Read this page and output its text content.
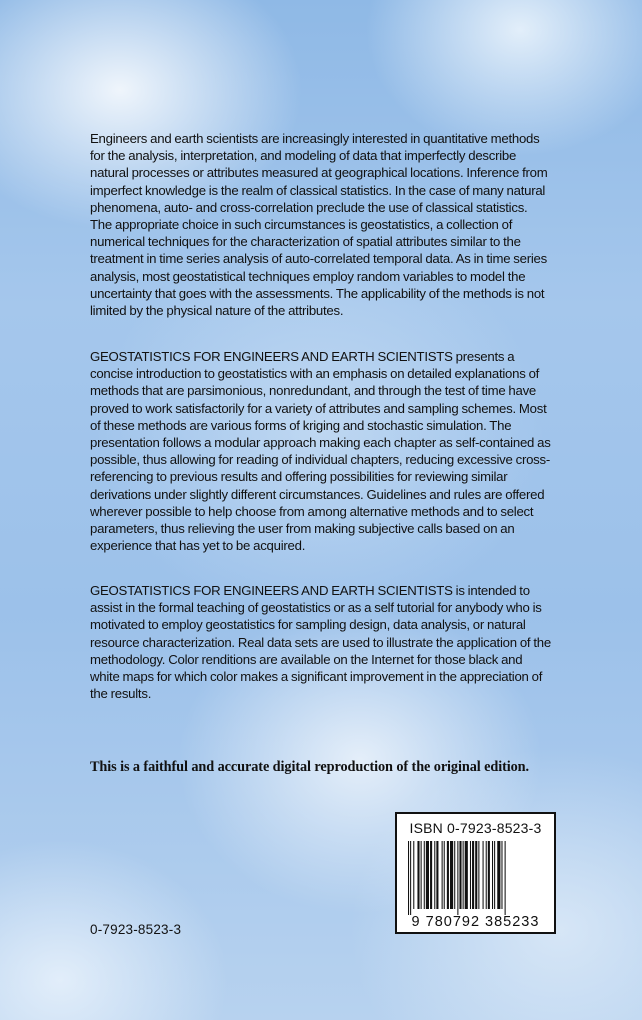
Engineers and earth scientists are increasingly interested in quantitative methods for the analysis, interpretation, and modeling of data that imperfectly describe natural processes or attributes measured at geographical locations. Inference from imperfect knowledge is the realm of classical statistics. In the case of many natural phenomena, auto- and cross-correlation preclude the use of classical statistics. The appropriate choice in such circumstances is geostatistics, a collection of numerical techniques for the characterization of spatial attributes similar to the treatment in time series analysis of auto-correlated temporal data. As in time series analysis, most geostatistical techniques employ random variables to model the uncertainty that goes with the assessments. The applicability of the methods is not limited by the physical nature of the attributes.

GEOSTATISTICS FOR ENGINEERS AND EARTH SCIENTISTS presents a concise introduction to geostatistics with an emphasis on detailed explanations of methods that are parsimonious, nonredundant, and through the test of time have proved to work satisfactorily for a variety of attributes and sampling schemes. Most of these methods are various forms of kriging and stochastic simulation. The presentation follows a modular approach making each chapter as self-contained as possible, thus allowing for reading of individual chapters, reducing excessive cross-referencing to previous results and offering possibilities for reviewing similar derivations under slightly different circumstances. Guidelines and rules are offered wherever possible to help choose from among alternative methods and to select parameters, thus relieving the user from making subjective calls based on an experience that has yet to be acquired.

GEOSTATISTICS FOR ENGINEERS AND EARTH SCIENTISTS is intended to assist in the formal teaching of geostatistics or as a self tutorial for anybody who is motivated to employ geostatistics for sampling design, data analysis, or natural resource characterization. Real data sets are used to illustrate the application of the methodology. Color renditions are available on the Internet for those black and white maps for which color makes a significant improvement in the appreciation of the results.

This is a faithful and accurate digital reproduction of the original edition.
ISBN 0-7923-8523-3
9 780792 385233
0-7923-8523-3
